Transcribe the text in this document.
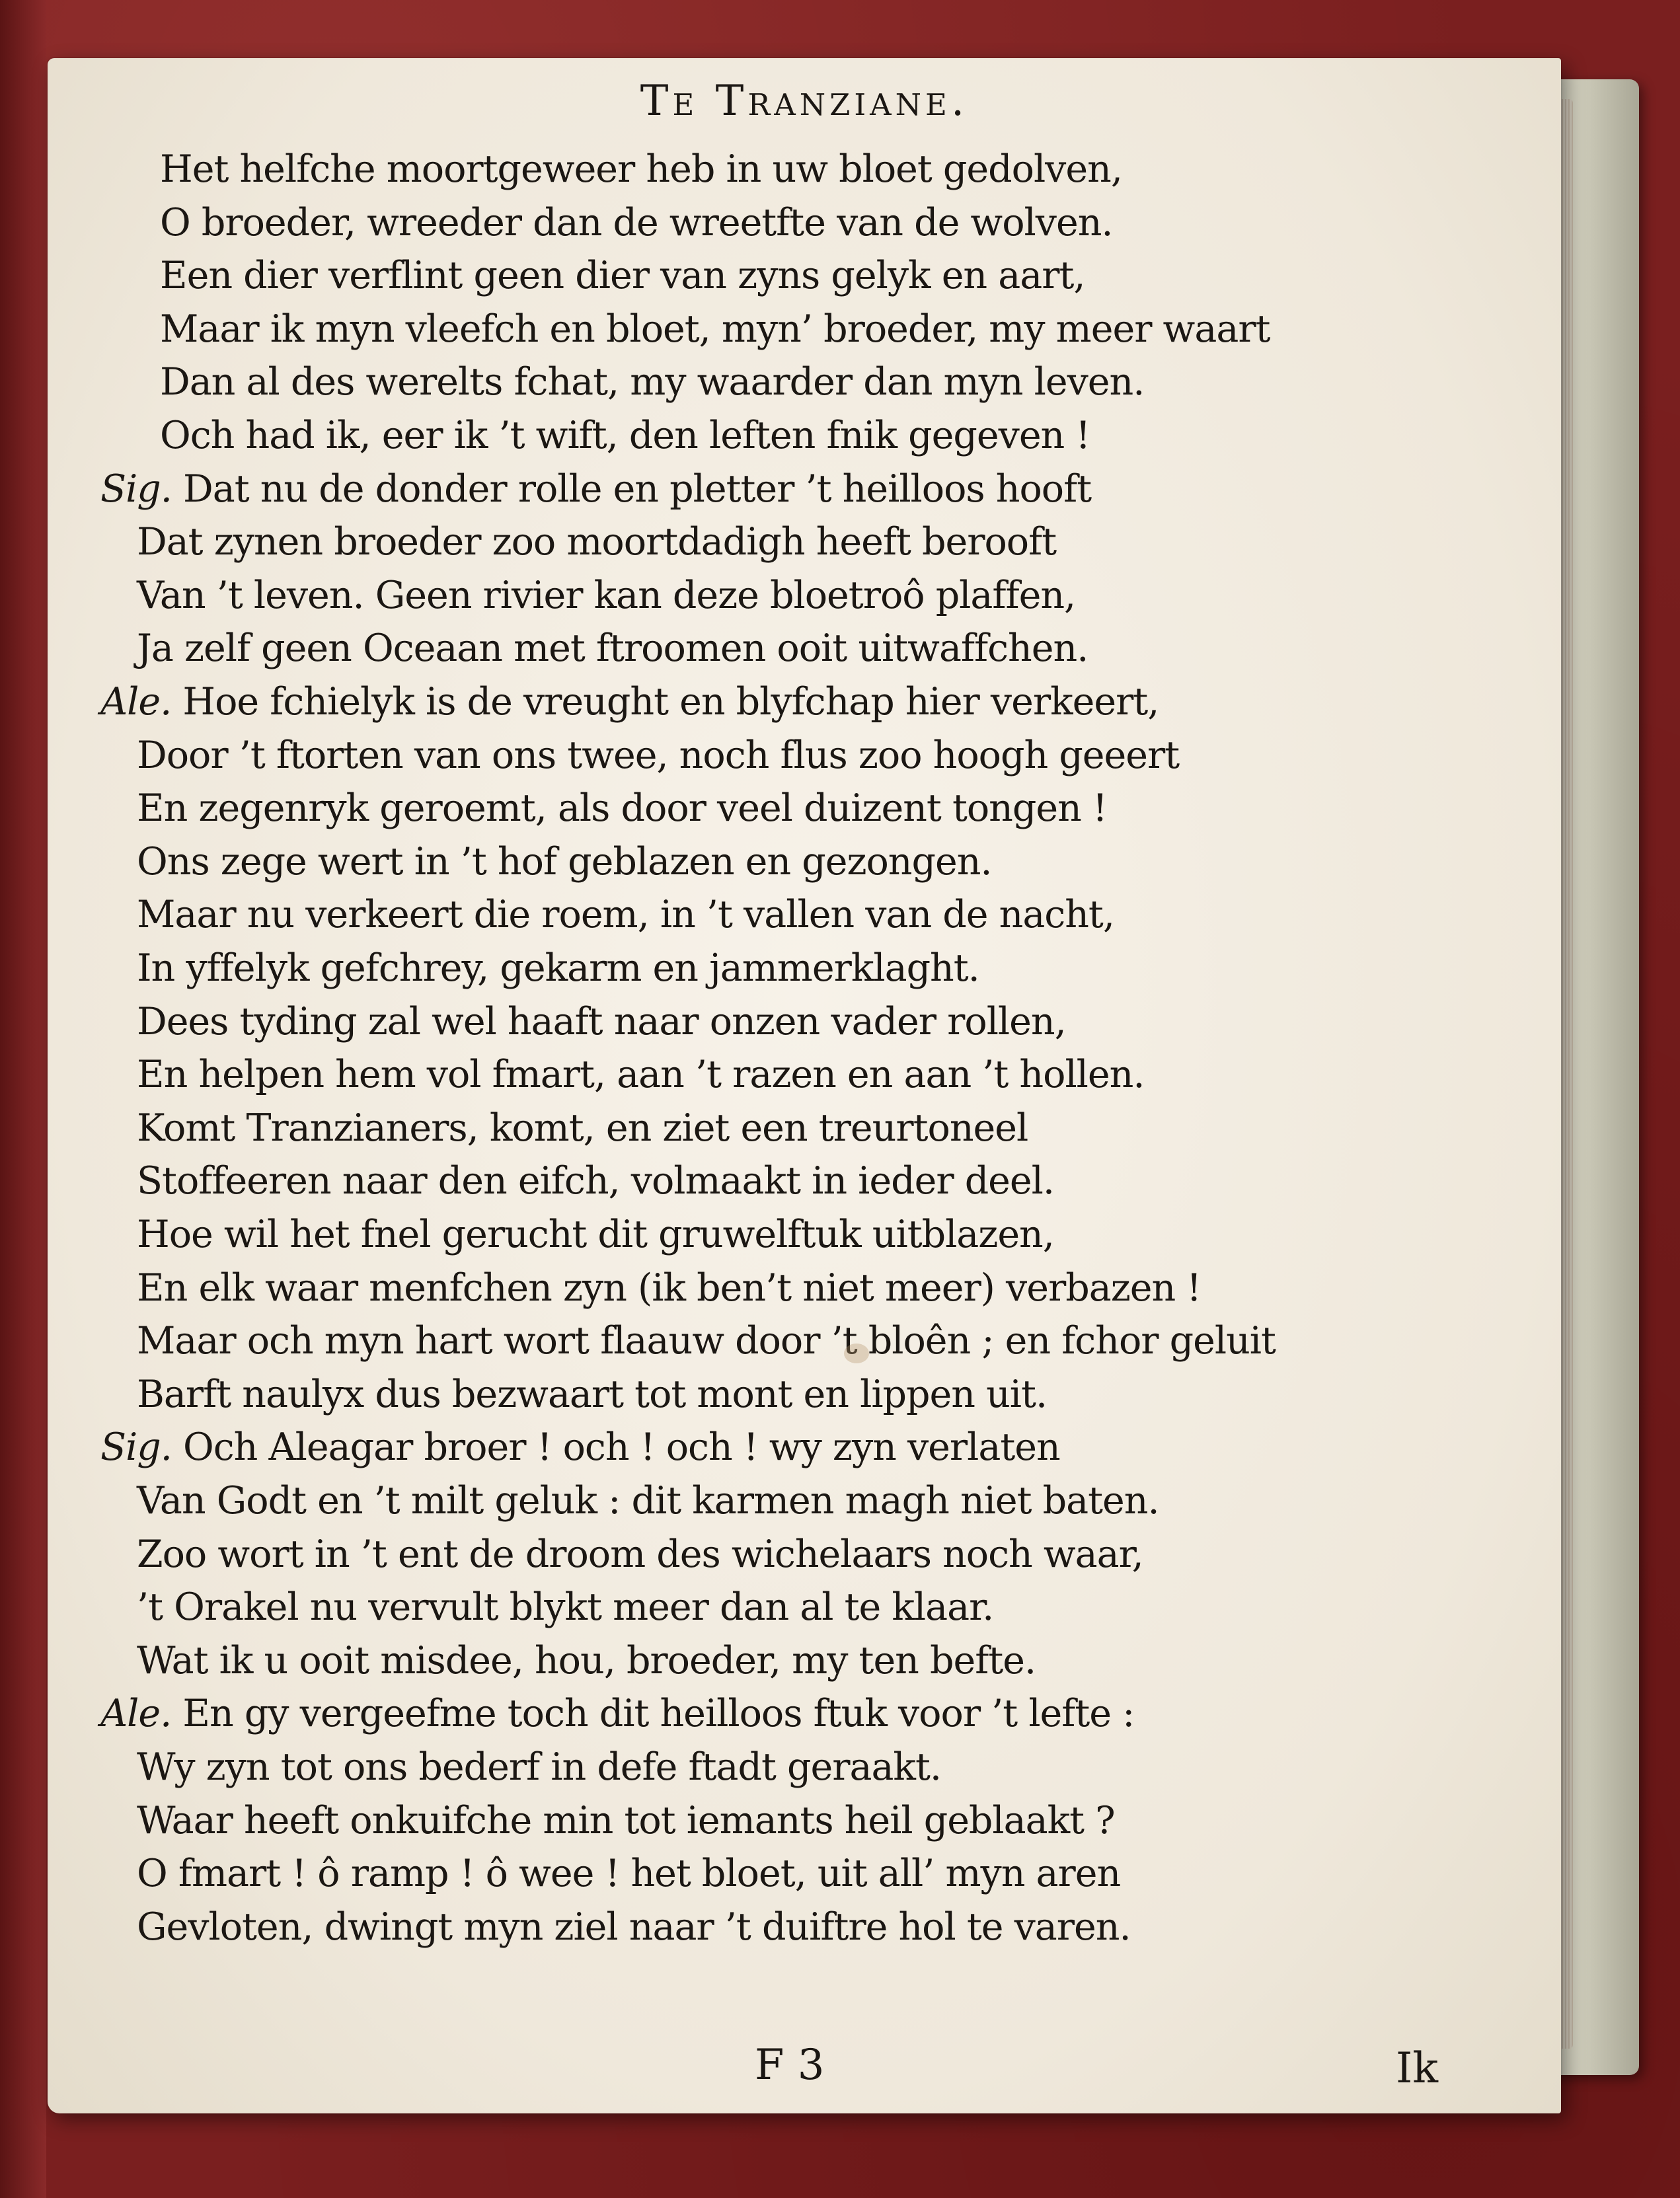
Te Tranziane.
Het helfche moortgeweer heb in uw bloet gedolven,
O broeder, wreeder dan de wreetfte van de wolven.
Een dier verflint geen dier van zyns gelyk en aart,
Maar ik myn vleefch en bloet, myn’ broeder, my meer waart
Dan al des werelts fchat, my waarder dan myn leven.
Och had ik, eer ik ’t wift, den leften fnik gegeven !
Sig. Dat nu de donder rolle en pletter ’t heilloos hooft
Dat zynen broeder zoo moortdadigh heeft berooft
Van ’t leven. Geen rivier kan deze bloetroô plaffen,
Ja zelf geen Oceaan met ftroomen ooit uitwaffchen.
Ale. Hoe fchielyk is de vreught en blyfchap hier verkeert,
Door ’t ftorten van ons twee, noch flus zoo hoogh geeert
En zegenryk geroemt, als door veel duizent tongen !
Ons zege wert in ’t hof geblazen en gezongen.
Maar nu verkeert die roem, in ’t vallen van de nacht,
In yffelyk gefchrey, gekarm en jammerklaght.
Dees tyding zal wel haaft naar onzen vader rollen,
En helpen hem vol fmart, aan ’t razen en aan ’t hollen.
Komt Tranzianers, komt, en ziet een treurtoneel
Stoffeeren naar den eifch, volmaakt in ieder deel.
Hoe wil het fnel gerucht dit gruwelftuk uitblazen,
En elk waar menfchen zyn (ik ben’t niet meer) verbazen !
Maar och myn hart wort flaauw door ’t bloên ; en fchor geluit
Barft naulyx dus bezwaart tot mont en lippen uit.
Sig. Och Aleagar broer ! och ! och ! wy zyn verlaten
Van Godt en ’t milt geluk : dit karmen magh niet baten.
Zoo wort in ’t ent de droom des wichelaars noch waar,
’t Orakel nu vervult blykt meer dan al te klaar.
Wat ik u ooit misdee, hou, broeder, my ten befte.
Ale. En gy vergeefme toch dit heilloos ftuk voor ’t lefte :
Wy zyn tot ons bederf in defe ftadt geraakt.
Waar heeft onkuifche min tot iemants heil geblaakt ?
O fmart ! ô ramp ! ô wee ! het bloet, uit all’ myn aren
Gevloten, dwingt myn ziel naar ’t duiftre hol te varen.
F 3	Ik
